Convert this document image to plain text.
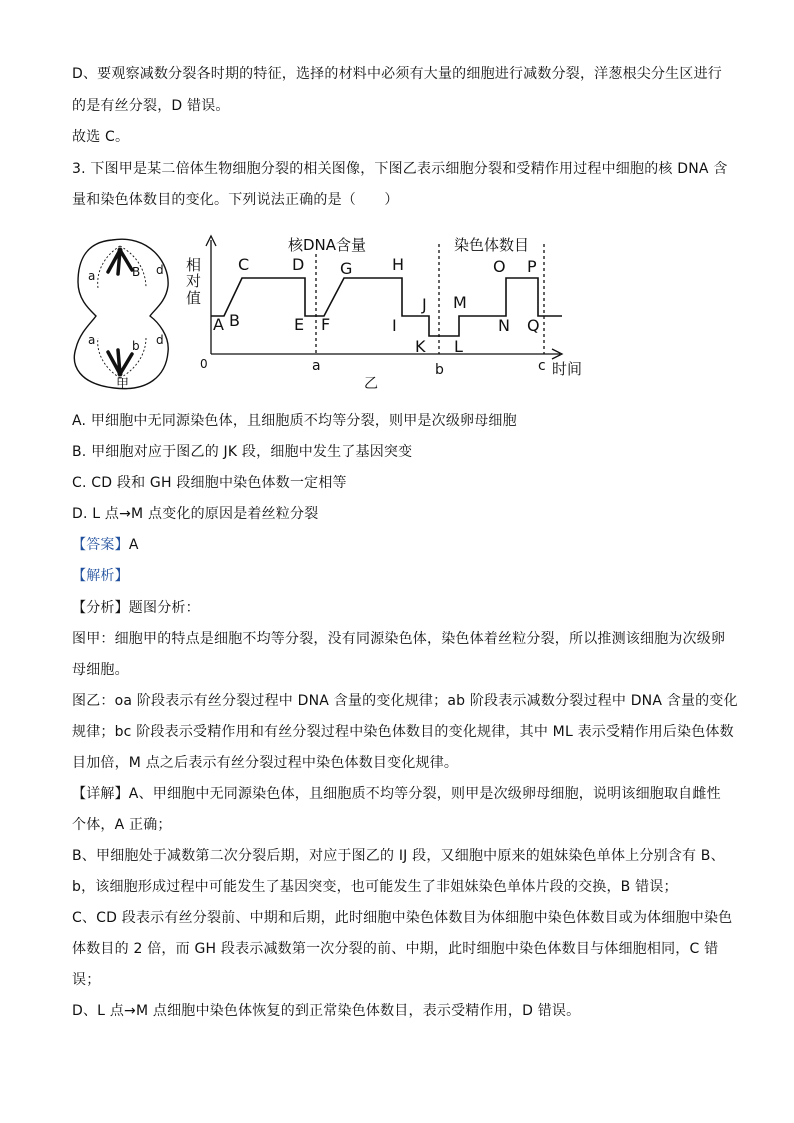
D、要观察减数分裂各时期的特征，选择的材料中必须有大量的细胞进行减数分裂，洋葱根尖分生区进行
的是有丝分裂，D 错误。
故选 C。
3. 下图甲是某二倍体生物细胞分裂的相关图像，下图乙表示细胞分裂和受精作用过程中细胞的核 DNA 含
量和染色体数目的变化。下列说法正确的是（　　）
a	B d
a	b d
甲
相
对
值
0	时间
核DNA含量	染色体数目
a	b	c
A B
C	D
E F
G H
I
J
K L
M
N
O P
Q
乙
A. 甲细胞中无同源染色体，且细胞质不均等分裂，则甲是次级卵母细胞
B. 甲细胞对应于图乙的 JK 段，细胞中发生了基因突变
C. CD 段和 GH 段细胞中染色体数一定相等
D. L 点→M 点变化的原因是着丝粒分裂
【答案】A
【解析】
【分析】题图分析：
图甲：细胞甲的特点是细胞不均等分裂，没有同源染色体，染色体着丝粒分裂，所以推测该细胞为次级卵
母细胞。
图乙：oa 阶段表示有丝分裂过程中 DNA 含量的变化规律；ab 阶段表示减数分裂过程中 DNA 含量的变化
规律；bc 阶段表示受精作用和有丝分裂过程中染色体数目的变化规律，其中 ML 表示受精作用后染色体数
目加倍，M 点之后表示有丝分裂过程中染色体数目变化规律。
【详解】A、甲细胞中无同源染色体，且细胞质不均等分裂，则甲是次级卵母细胞，说明该细胞取自雌性
个体，A 正确；
B、甲细胞处于减数第二次分裂后期，对应于图乙的 IJ 段，又细胞中原来的姐妹染色单体上分别含有 B、
b，该细胞形成过程中可能发生了基因突变，也可能发生了非姐妹染色单体片段的交换，B 错误；
C、CD 段表示有丝分裂前、中期和后期，此时细胞中染色体数目为体细胞中染色体数目或为体细胞中染色
体数目的 2 倍，而 GH 段表示减数第一次分裂的前、中期，此时细胞中染色体数目与体细胞相同，C 错
误；
D、L 点→M 点细胞中染色体恢复的到正常染色体数目，表示受精作用，D 错误。
